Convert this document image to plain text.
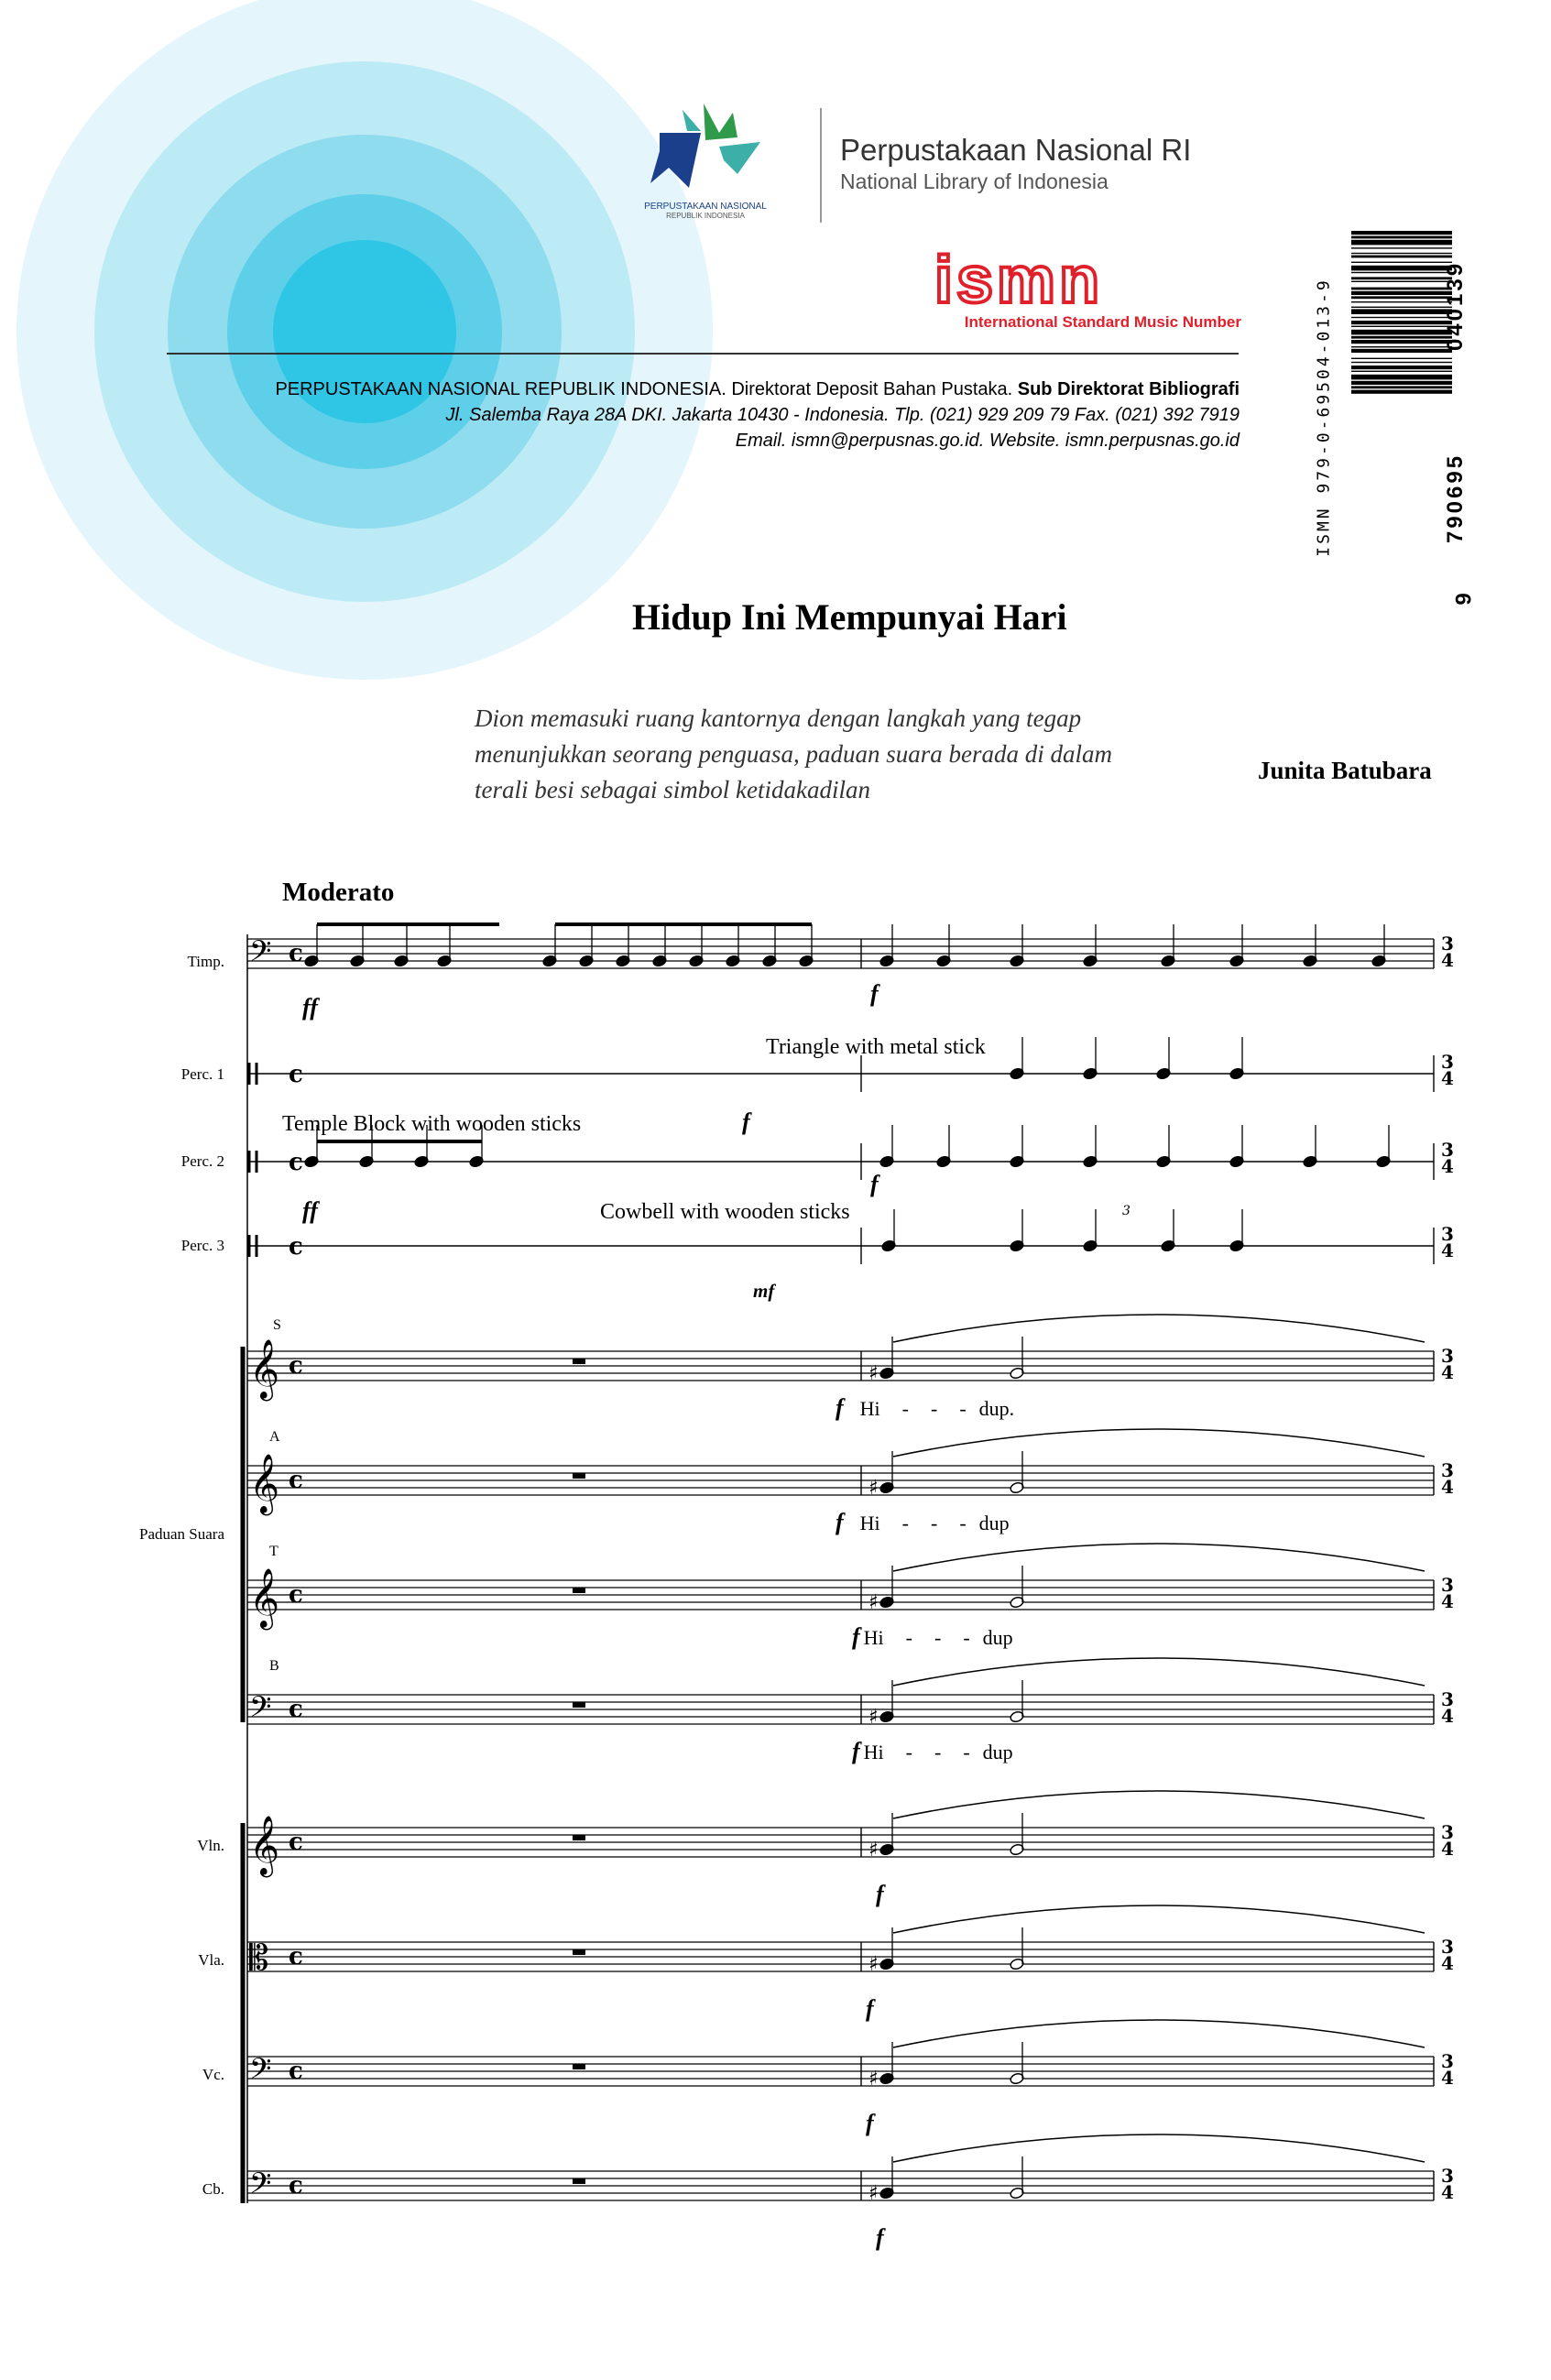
PERPUSTAKAAN NASIONAL
REPUBLIK INDONESIA
Perpustakaan Nasional RI
National Library of Indonesia
ismn
International Standard Music Number
PERPUSTAKAAN NASIONAL REPUBLIK INDONESIA. Direktorat Deposit Bahan Pustaka. Sub Direktorat Bibliografi
Jl. Salemba Raya 28A DKI. Jakarta 10430 - Indonesia. Tlp. (021) 929 209 79 Fax. (021) 392 7919
Email. ismn@perpusnas.go.id. Website. ismn.perpusnas.go.id	ISMN 979-0-69504-013-9
9
790695
040139
Hidup Ini Mempunyai Hari
Dion memasuki ruang kantornya dengan langkah yang tegap
menunjukkan seorang penguasa, paduan suara berada di dalam
terali besi sebagai simbol ketidakadilan
Junita Batubara
Moderato
𝄢 c	3
4
3
4
c
3
4
c
3
4
c
3
3
4
𝄞 c	♯
3
4
𝄞 c	♯
3
4
𝄞 c	♯
3
4
𝄢 c	♯
3
4
𝄞 c	♯
3
4
𝄡 c	♯
3
4
𝄢 c	♯
3
4
𝄢 c	♯
Timp.
Perc. 1
Perc. 2
Perc. 3
Paduan Suara
Vln.
Vla.
Vc.
Cb.
S
A
T
B
Triangle with metal stick
Temple Block with wooden sticks
Cowbell with wooden sticks
ff
f
f
ff
f
mf
f Hi - - - dup.
f Hi - - - dup
f Hi - - - dup
f Hi - - - dup
f
f
f
f
